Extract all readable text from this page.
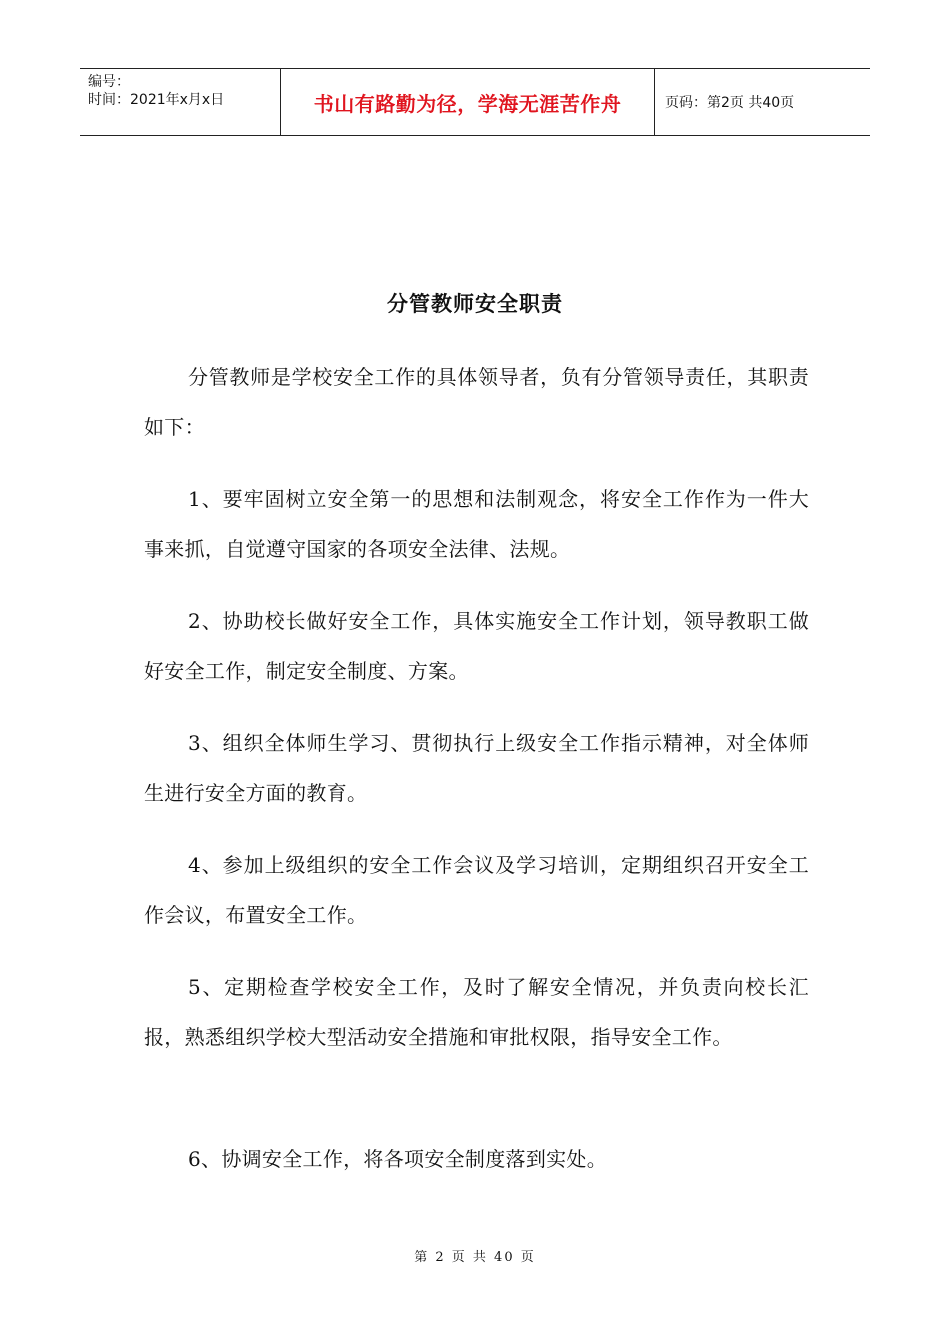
编号：
时间：2021年x月x日	书山有路勤为径，学海无涯苦作舟	页码：第2页 共40页
分管教师安全职责
分管教师是学校安全工作的具体领导者，负有分管领导责任，其职责如下：
1、要牢固树立安全第一的思想和法制观念，将安全工作作为一件大事来抓，自觉遵守国家的各项安全法律、法规。
2、协助校长做好安全工作，具体实施安全工作计划，领导教职工做好安全工作，制定安全制度、方案。
3、组织全体师生学习、贯彻执行上级安全工作指示精神，对全体师生进行安全方面的教育。
4、参加上级组织的安全工作会议及学习培训，定期组织召开安全工作会议，布置安全工作。
5、定期检查学校安全工作，及时了解安全情况，并负责向校长汇报，熟悉组织学校大型活动安全措施和审批权限，指导安全工作。
6、协调安全工作，将各项安全制度落到实处。
第 2 页 共 40 页
